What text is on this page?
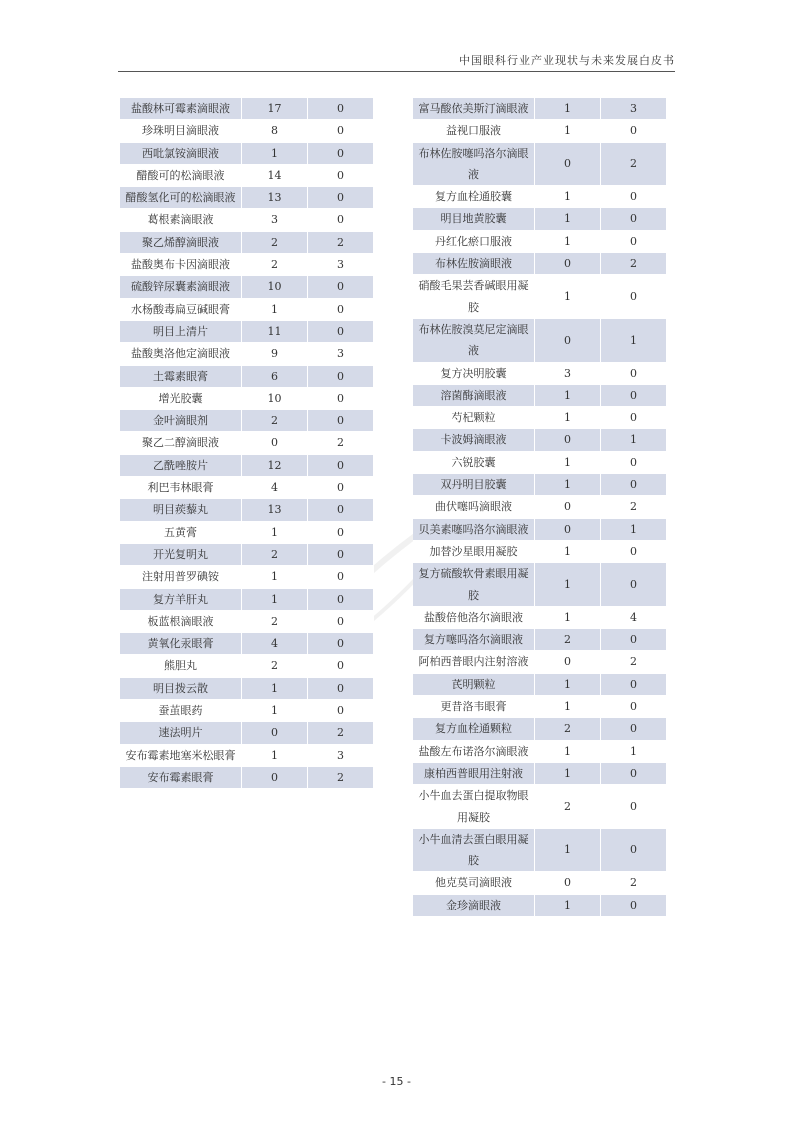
中国眼科行业产业现状与未来发展白皮书
盐酸林可霉素滴眼液	17	0
珍珠明目滴眼液	8	0
西吡氯铵滴眼液	1	0
醋酸可的松滴眼液	14	0
醋酸氢化可的松滴眼液	13	0
葛根素滴眼液	3	0
聚乙烯醇滴眼液	2	2
盐酸奥布卡因滴眼液	2	3
硫酸锌尿囊素滴眼液	10	0
水杨酸毒扁豆碱眼膏	1	0
明目上清片	11	0
盐酸奥洛他定滴眼液	9	3
土霉素眼膏	6	0
增光胶囊	10	0
金叶滴眼剂	2	0
聚乙二醇滴眼液	0	2
乙酰唑胺片	12	0
利巴韦林眼膏	4	0
明目蒺藜丸	13	0
五黄膏	1	0
开光复明丸	2	0
注射用普罗碘铵	1	0
复方羊肝丸	1	0
板蓝根滴眼液	2	0
黄氧化汞眼膏	4	0
熊胆丸	2	0
明目拨云散	1	0
蚕茧眼药	1	0
速法明片	0	2
安布霉素地塞米松眼膏	1	3
安布霉素眼膏	0	2
富马酸依美斯汀滴眼液	1	3
益视口服液	1	0
布林佐胺噻吗洛尔滴眼液	0	2
复方血栓通胶囊	1	0
明目地黄胶囊	1	0
丹红化瘀口服液	1	0
布林佐胺滴眼液	0	2
硝酸毛果芸香碱眼用凝胶	1	0
布林佐胺溴莫尼定滴眼液	0	1
复方决明胶囊	3	0
溶菌酶滴眼液	1	0
芍杞颗粒	1	0
卡波姆滴眼液	0	1
六锐胶囊	1	0
双丹明目胶囊	1	0
曲伏噻吗滴眼液	0	2
贝美素噻吗洛尔滴眼液	0	1
加替沙星眼用凝胶	1	0
复方硫酸软骨素眼用凝胶	1	0
盐酸倍他洛尔滴眼液	1	4
复方噻吗洛尔滴眼液	2	0
阿柏西普眼内注射溶液	0	2
芪明颗粒	1	0
更昔洛韦眼膏	1	0
复方血栓通颗粒	2	0
盐酸左布诺洛尔滴眼液	1	1
康柏西普眼用注射液	1	0
小牛血去蛋白提取物眼用凝胶	2	0
小牛血清去蛋白眼用凝胶	1	0
他克莫司滴眼液	0	2
金珍滴眼液	1	0
- 15 -
